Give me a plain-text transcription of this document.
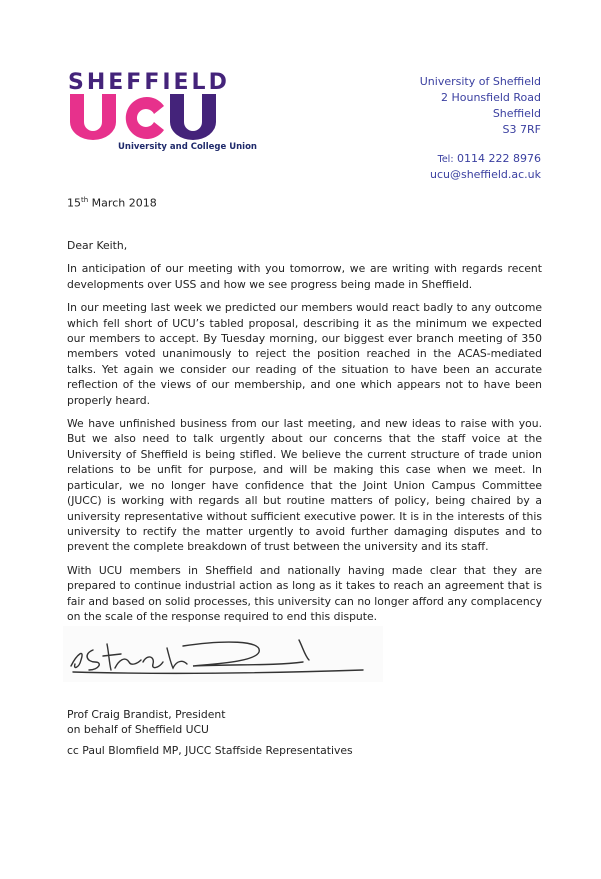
SHEFFIELD
University and College Union
University of Sheffield
2 Hounsfield Road
Sheffield
S3 7RF
Tel: 0114 222 8976
ucu@sheffield.ac.uk
15th March 2018

Dear Keith,

In anticipation of our meeting with you tomorrow, we are writing with regards recent developments over USS and how we see progress being made in Sheffield.

In our meeting last week we predicted our members would react badly to any outcome which fell short of UCU’s tabled proposal, describing it as the minimum we expected our members to accept. By Tuesday morning, our biggest ever branch meeting of 350 members voted unanimously to reject the position reached in the ACAS-mediated talks. Yet again we consider our reading of the situation to have been an accurate reflection of the views of our membership, and one which appears not to have been properly heard.

We have unfinished business from our last meeting, and new ideas to raise with you. But we also need to talk urgently about our concerns that the staff voice at the University of Sheffield is being stifled. We believe the current structure of trade union relations to be unfit for purpose, and will be making this case when we meet. In particular, we no longer have confidence that the Joint Union Campus Committee (JUCC) is working with regards all but routine matters of policy, being chaired by a university representative without sufficient executive power. It is in the interests of this university to rectify the matter urgently to avoid further damaging disputes and to prevent the complete breakdown of trust between the university and its staff.

With UCU members in Sheffield and nationally having made clear that they are prepared to continue industrial action as long as it takes to reach an agreement that is fair and based on solid processes, this university can no longer afford any complacency on the scale of the response required to end this dispute.

Prof Craig Brandist, President
on behalf of Sheffield UCU
cc Paul Blomfield MP, JUCC Staffside Representatives
